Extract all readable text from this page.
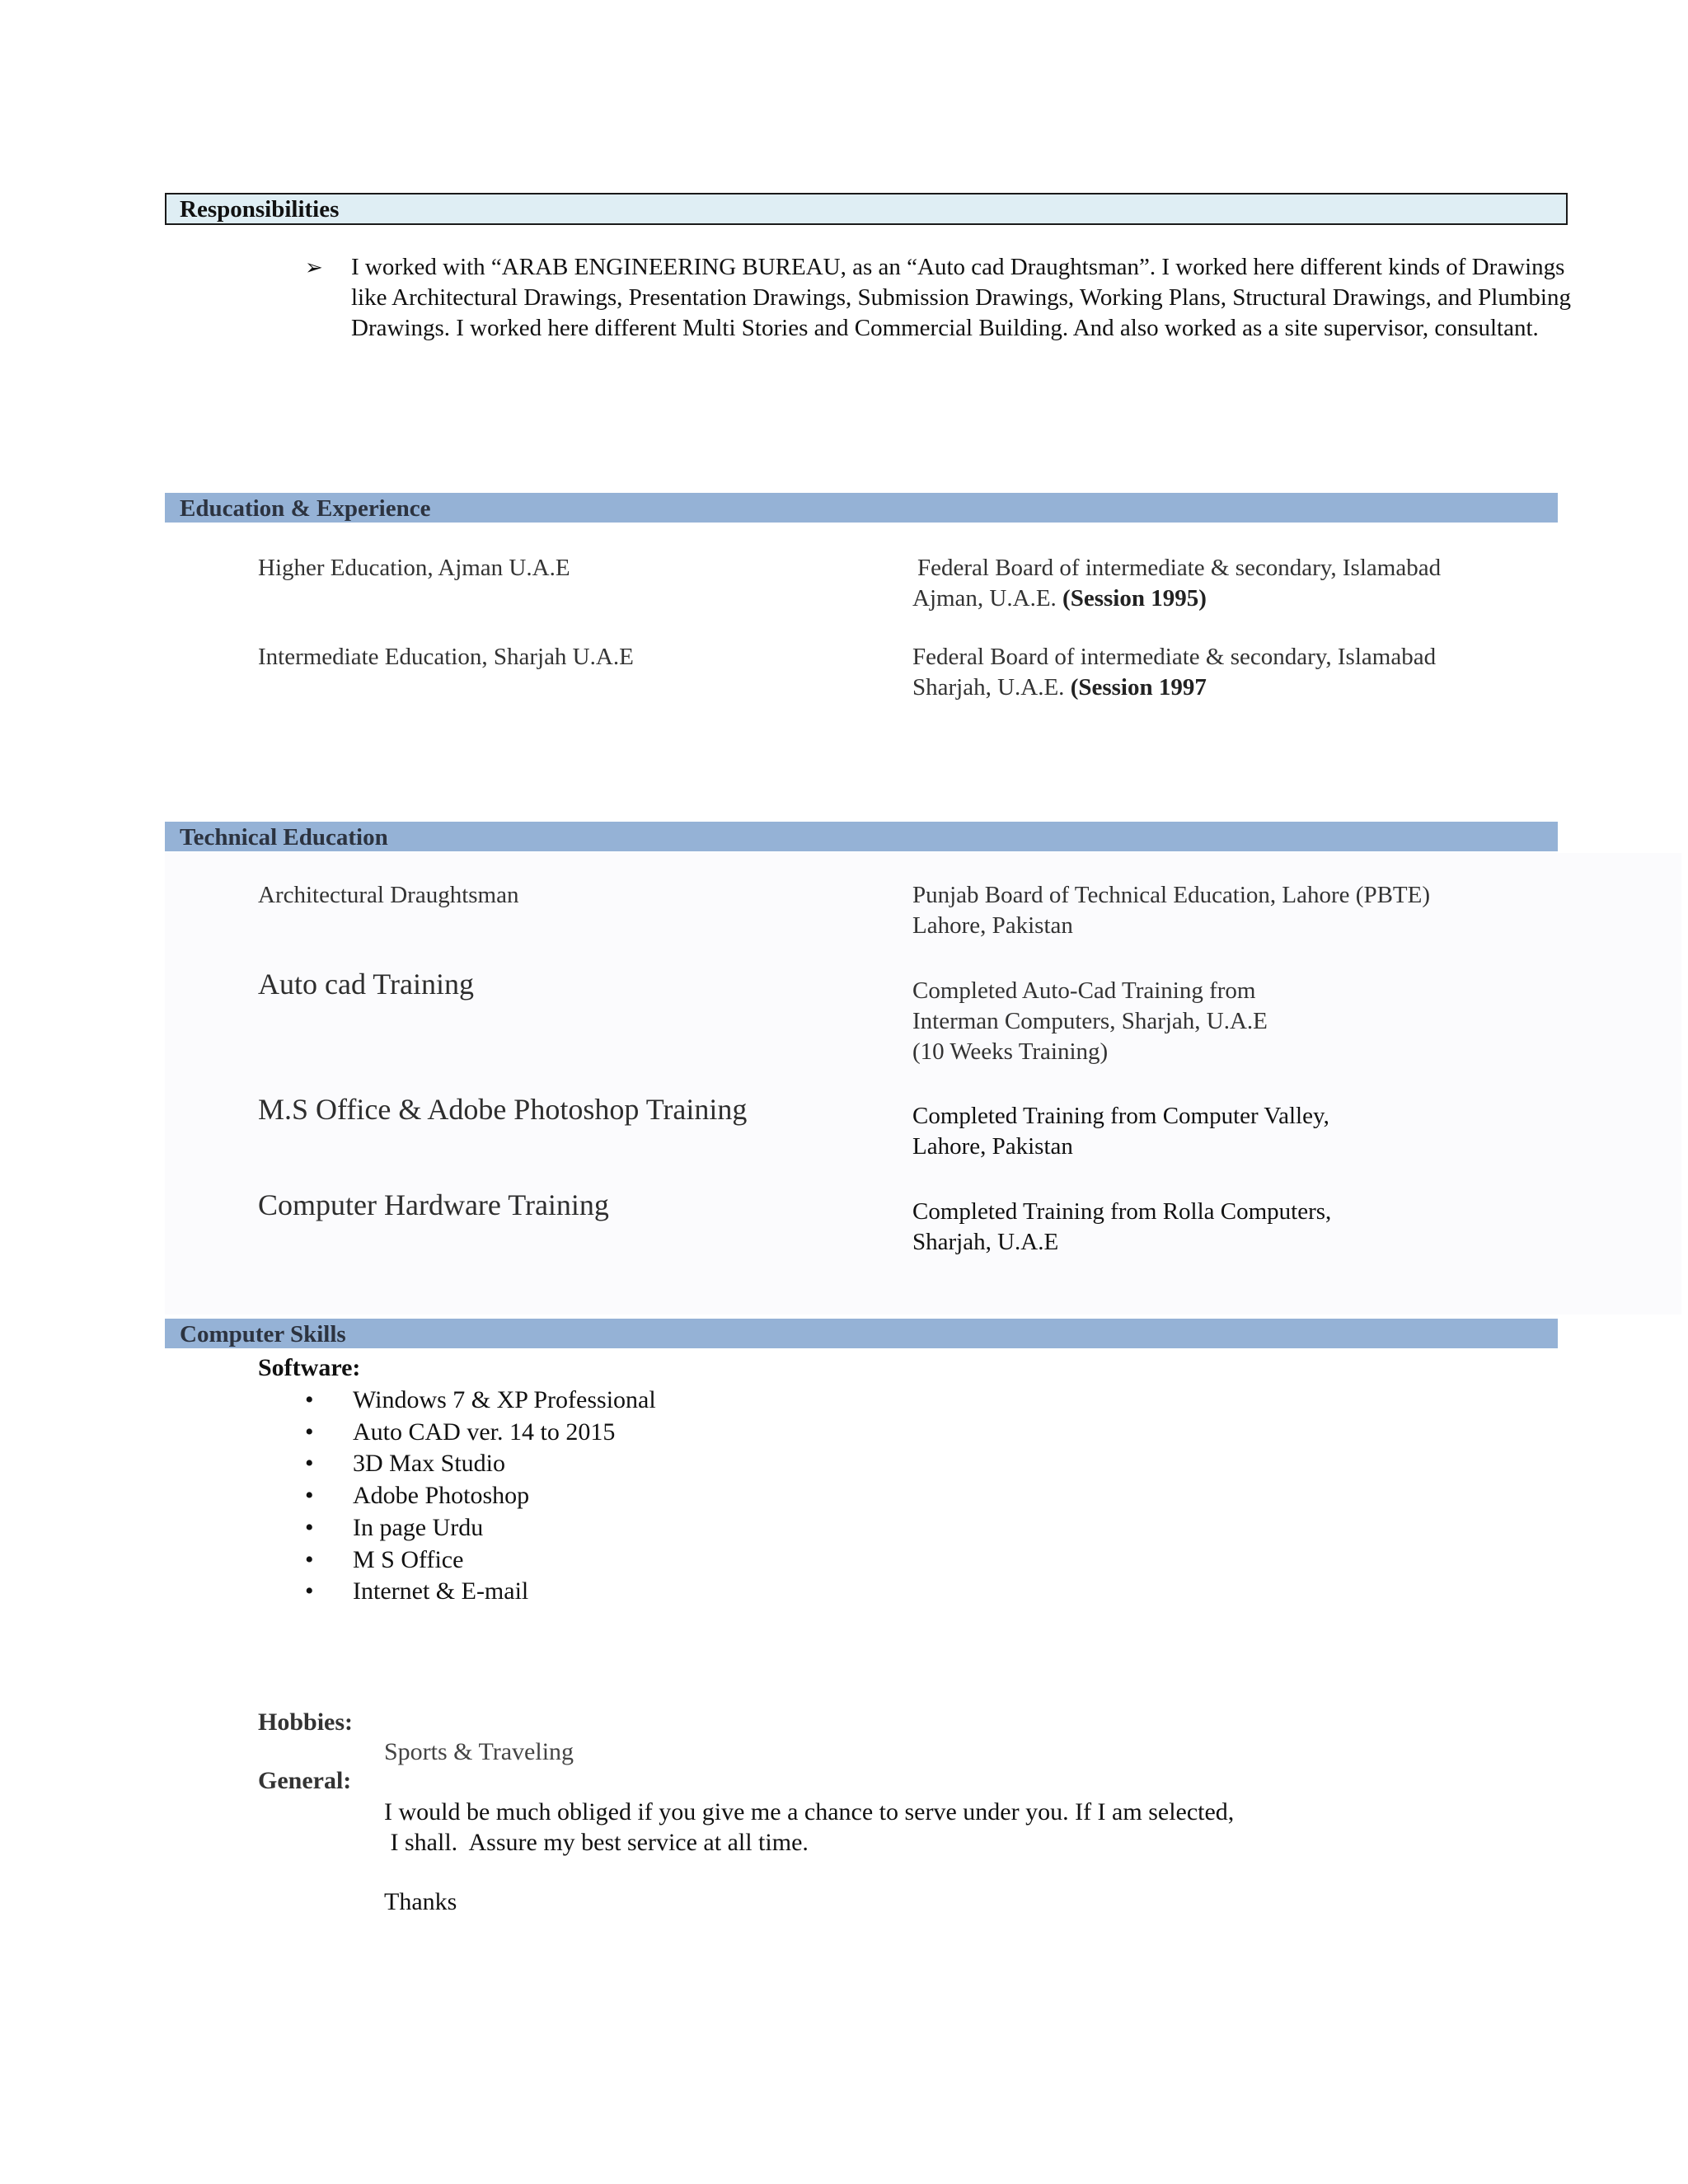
Responsibilities
➢ I worked with “ARAB ENGINEERING BUREAU, as an “Auto cad Draughtsman”. I worked here different kinds of Drawings like Architectural Drawings, Presentation Drawings, Submission Drawings, Working Plans, Structural Drawings, and Plumbing Drawings. I worked here different Multi Stories and Commercial Building. And also worked as a site supervisor, consultant.
Education & Experience
Higher Education, Ajman U.A.E	Federal Board of intermediate & secondary, Islamabad
Ajman, U.A.E. (Session 1995)
Intermediate Education, Sharjah U.A.E	Federal Board of intermediate & secondary, Islamabad
Sharjah, U.A.E. (Session 1997
Technical Education
Architectural Draughtsman	Punjab Board of Technical Education, Lahore (PBTE)
Lahore, Pakistan
Auto cad Training	Completed Auto-Cad Training from
Interman Computers, Sharjah, U.A.E
(10 Weeks Training)
M.S Office & Adobe Photoshop Training	Completed Training from Computer Valley,
Lahore, Pakistan
Computer Hardware Training	Completed Training from Rolla Computers,
Sharjah, U.A.E
Computer Skills
Software:
• Windows 7 & XP Professional
• Auto CAD ver. 14 to 2015
• 3D Max Studio
• Adobe Photoshop
• In page Urdu
• M S Office
• Internet & E-mail
Hobbies:
Sports & Traveling
General:
I would be much obliged if you give me a chance to serve under you. If I am selected,
I shall.  Assure my best service at all time.
Thanks
